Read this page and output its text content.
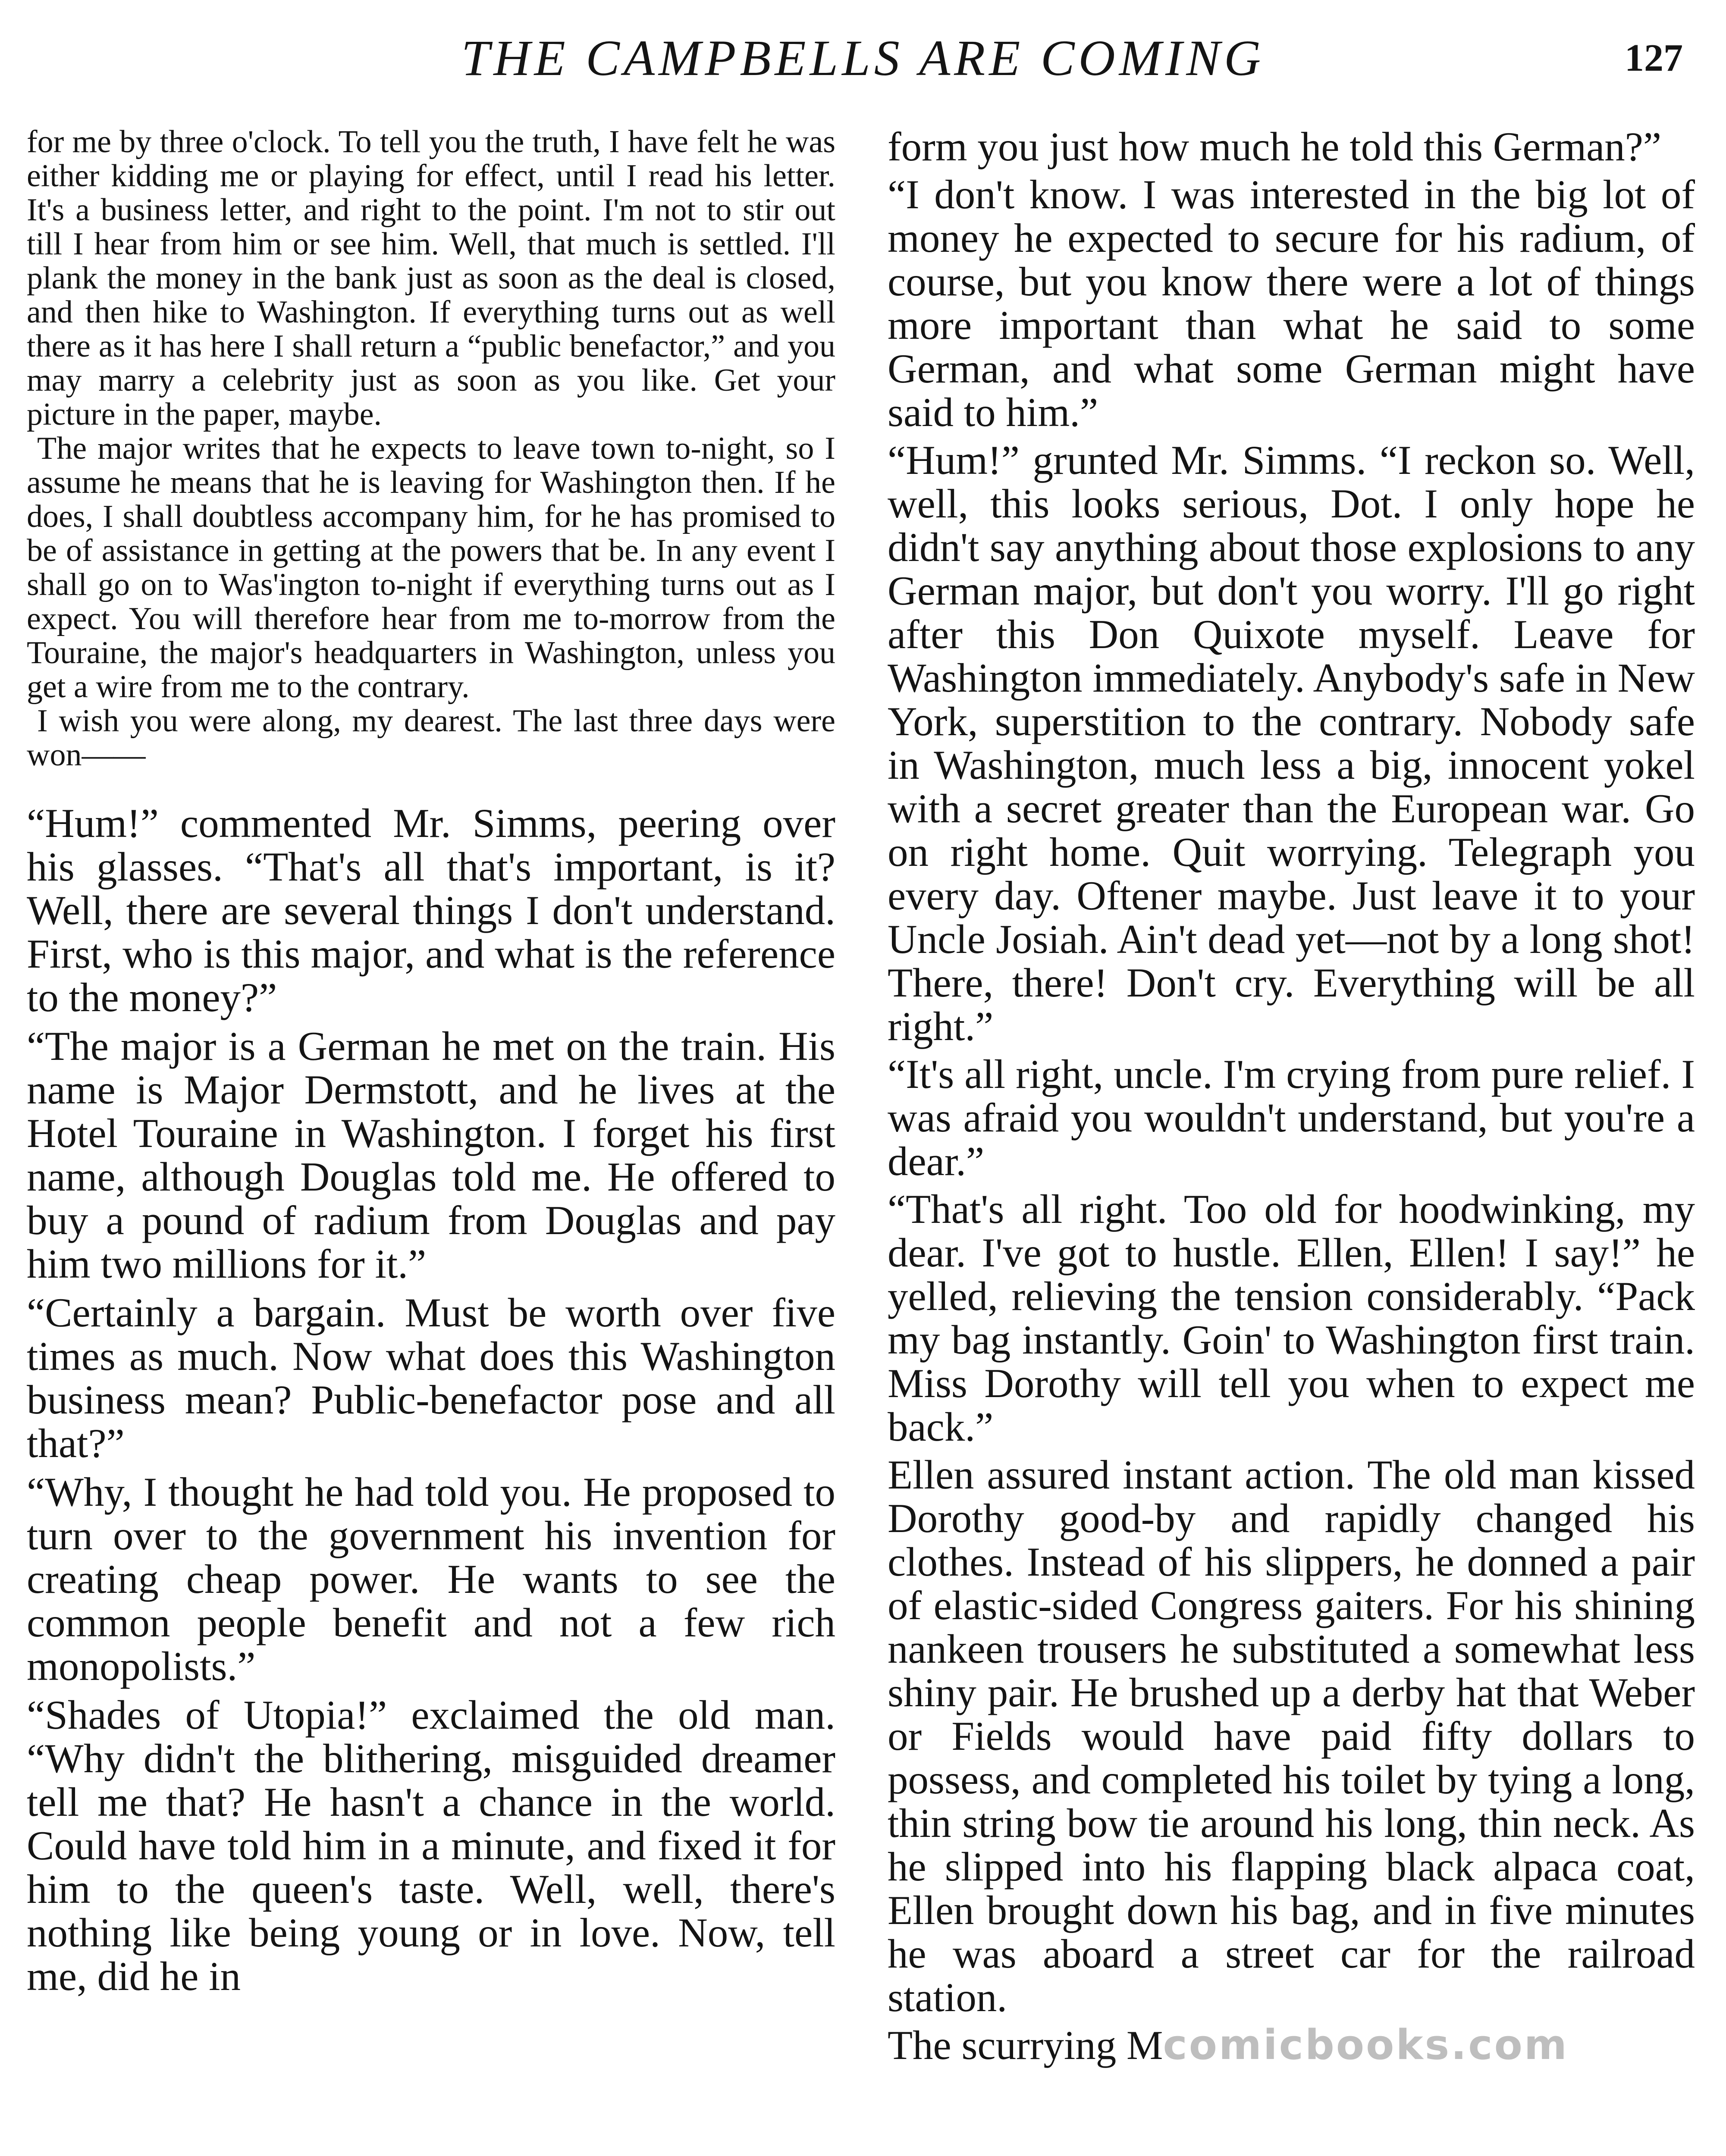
THE CAMPBELLS ARE COMING	127

for me by three o'clock. To tell you the truth, I have felt he was either kidding me or playing for effect, until I read his letter. It's a business letter, and right to the point. I'm not to stir out till I hear from him or see him. Well, that much is settled. I'll plank the money in the bank just as soon as the deal is closed, and then hike to Washington. If everything turns out as well there as it has here I shall return a “public benefactor,” and you may marry a celebrity just as soon as you like. Get your picture in the paper, maybe.

The major writes that he expects to leave town to-night, so I assume he means that he is leaving for Washington then. If he does, I shall doubtless accompany him, for he has promised to be of assistance in getting at the powers that be. In any event I shall go on to Was'ington to-night if everything turns out as I expect. You will therefore hear from me to-morrow from the Touraine, the major's headquarters in Washington, unless you get a wire from me to the contrary.

I wish you were along, my dearest. The last three days were won——

“Hum!” commented Mr. Simms, peering over his glasses. “That's all that's important, is it? Well, there are several things I don't understand. First, who is this major, and what is the reference to the money?”

“The major is a German he met on the train. His name is Major Dermstott, and he lives at the Hotel Touraine in Washington. I forget his first name, although Douglas told me. He offered to buy a pound of radium from Douglas and pay him two millions for it.”

“Certainly a bargain. Must be worth over five times as much. Now what does this Washington business mean? Public-benefactor pose and all that?”

“Why, I thought he had told you. He proposed to turn over to the government his invention for creating cheap power. He wants to see the common people benefit and not a few rich monopolists.”

“Shades of Utopia!” exclaimed the old man. “Why didn't the blithering, misguided dreamer tell me that? He hasn't a chance in the world. Could have told him in a minute, and fixed it for him to the queen's taste. Well, well, there's nothing like being young or in love. Now, tell me, did he in

form you just how much he told this German?”

“I don't know. I was interested in the big lot of money he expected to secure for his radium, of course, but you know there were a lot of things more important than what he said to some German, and what some German might have said to him.”

“Hum!” grunted Mr. Simms. “I reckon so. Well, well, this looks serious, Dot. I only hope he didn't say anything about those explosions to any German major, but don't you worry. I'll go right after this Don Quixote myself. Leave for Washington immediately. Anybody's safe in New York, superstition to the contrary. Nobody safe in Washington, much less a big, innocent yokel with a secret greater than the European war. Go on right home. Quit worrying. Telegraph you every day. Oftener maybe. Just leave it to your Uncle Josiah. Ain't dead yet—not by a long shot! There, there! Don't cry. Everything will be all right.”

“It's all right, uncle. I'm crying from pure relief. I was afraid you wouldn't understand, but you're a dear.”

“That's all right. Too old for hoodwinking, my dear. I've got to hustle. Ellen, Ellen! I say!” he yelled, relieving the tension considerably. “Pack my bag instantly. Goin' to Washington first train. Miss Dorothy will tell you when to expect me back.”

Ellen assured instant action. The old man kissed Dorothy good-by and rapidly changed his clothes. Instead of his slippers, he donned a pair of elastic-sided Congress gaiters. For his shining nankeen trousers he substituted a somewhat less shiny pair. He brushed up a derby hat that Weber or Fields would have paid fifty dollars to possess, and completed his toilet by tying a long, thin string bow tie around his long, thin neck. As he slipped into his flapping black alpaca coat, Ellen brought down his bag, and in five minutes he was aboard a street car for the railroad station.

The scurrying Mcomicbooks.com
